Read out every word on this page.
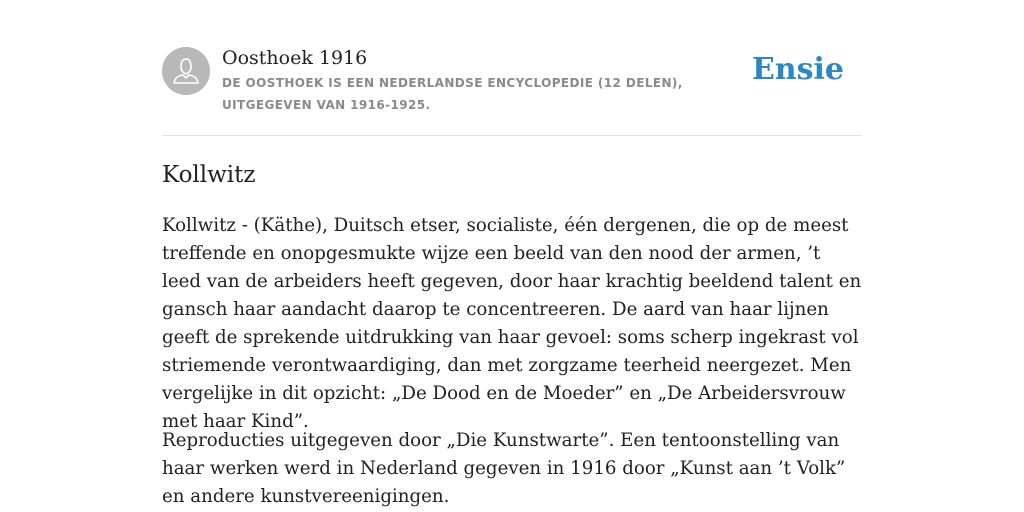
Oosthoek 1916
DE OOSTHOEK IS EEN NEDERLANDSE ENCYCLOPEDIE (12 DELEN), UITGEGEVEN VAN 1916-1925.
Ensie
Kollwitz

Kollwitz - (Käthe), Duitsch etser, socialiste, één dergenen, die op de meest treffende en onopgesmukte wijze een beeld van den nood der armen, ’t leed van de arbeiders heeft gegeven, door haar krachtig beeldend talent en gansch haar aandacht daarop te concentreeren. De aard van haar lijnen geeft de sprekende uitdrukking van haar gevoel: soms scherp ingekrast vol striemende verontwaardiging, dan met zorgzame teerheid neergezet. Men vergelijke in dit opzicht: „De Dood en de Moeder” en „De Arbeidersvrouw met haar Kind”.

Reproducties uitgegeven door „Die Kunstwarte”. Een tentoonstelling van haar werken werd in Nederland gegeven in 1916 door „Kunst aan ’t Volk” en andere kunstvereenigingen.
